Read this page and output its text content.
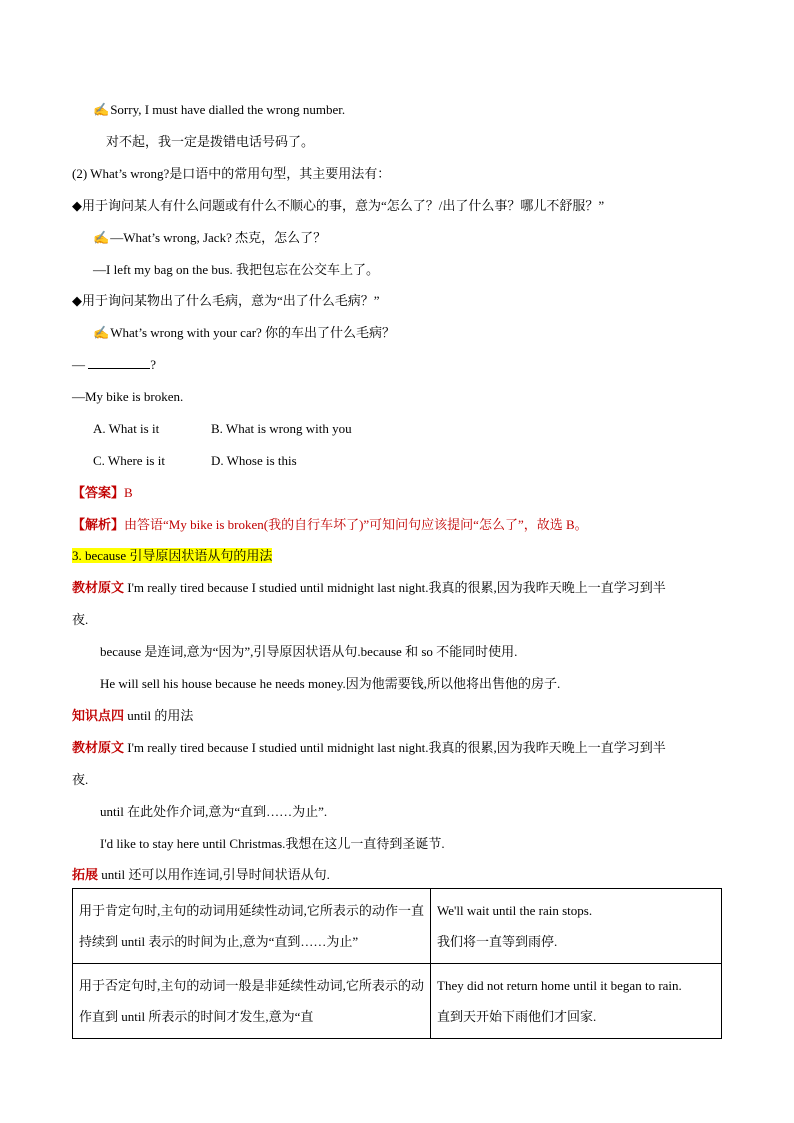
✍Sorry, I must have dialled the wrong number.
对不起，我一定是拨错电话号码了。
(2) What’s wrong?是口语中的常用句型，其主要用法有：
◆用于询问某人有什么问题或有什么不顺心的事，意为“怎么了？/出了什么事？哪儿不舒服？”
✍—What’s wrong, Jack? 杰克，怎么了？
—I left my bag on the bus. 我把包忘在公交车上了。
◆用于询问某物出了什么毛病，意为“出了什么毛病？”
✍What’s wrong with your car? 你的车出了什么毛病？
—	?
—My bike is broken.
A. What is it	B. What is wrong with you
C. Where is it	D. Whose is this
【答案】B
【解析】由答语“My bike is broken(我的自行车坏了)”可知问句应该提问“怎么了”，故选 B。
3. because 引导原因状语从句的用法
教材原文 I'm really tired because I studied until midnight last night.我真的很累,因为我昨天晚上一直学习到半
夜.
because 是连词,意为“因为”,引导原因状语从句.because 和 so 不能同时使用.
He will sell his house because he needs money.因为他需要钱,所以他将出售他的房子.
知识点四 until 的用法
教材原文 I'm really tired because I studied until midnight last night.我真的很累,因为我昨天晚上一直学习到半
夜.
until 在此处作介词,意为“直到……为止”.
I'd like to stay here until Christmas.我想在这儿一直待到圣诞节.
拓展 until 还可以用作连词,引导时间状语从句.
用于肯定句时,主句的动词用延续性动词,它所表示的动作一直持续到 until 表示的时间为止,意为“直到……为止”	We'll wait until the rain stops.
我们将一直等到雨停.

用于否定句时,主句的动词一般是非延续性动词,它所表示的动作直到 until 所表示的时间才发生,意为“直	They did not return home until it began to rain.
直到天开始下雨他们才回家.
